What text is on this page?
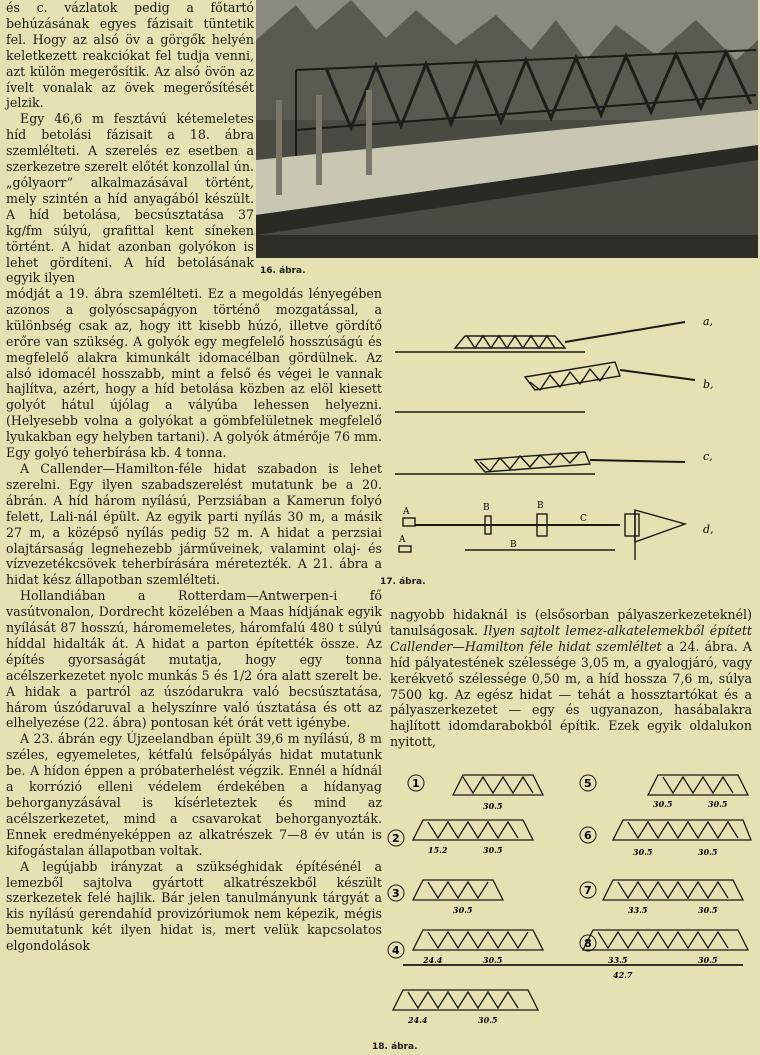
és c. vázlatok pedig a főtartó behúzásának egyes fázisait tüntetik fel. Hogy az alsó öv a görgők helyén keletkezett reakciókat fel tudja venni, azt külön megerősítik. Az alsó övön az ívelt vonalak az övek megerősítését jelzik.

Egy 46,6 m fesztávú kétemeletes híd betolási fázisait a 18. ábra szemlélteti. A szerelés ez esetben a szerkezetre szerelt előtét konzollal ún. „gólyaorr“ alkalmazásával történt, mely szintén a híd anyagából készült. A híd betolása, becsúsztatása 37 kg/fm súlyú, grafittal kent síneken történt. A hidat azonban golyókon is lehet gördíteni. A híd betolásának egyik ilyen	16. ábra.

módját a 19. ábra szemlélteti. Ez a megoldás lényegében azonos a golyóscsapágyon történő mozgatással, a különbség csak az, hogy itt kisebb húzó, illetve gördítő erőre van szükség. A golyók egy megfelelő hosszúságú és megfelelő alakra kimunkált idomacélban gördülnek. Az alsó idomacél hosszabb, mint a felső és végei le vannak hajlítva, azért, hogy a híd betolása közben az elöl kiesett golyót hátul újólag a vályúba lehessen helyezni. (Helyesebb volna a golyókat a gömbfelületnek megfelelő lyukakban egy helyben tartani). A golyók átmérője 76 mm. Egy golyó teherbírása kb. 4 tonna.

A Callender—Hamilton-féle hidat szabadon is lehet szerelni. Egy ilyen szabadszerelést mutatunk be a 20. ábrán. A híd három nyílású, Perzsiában a Kamerun folyó felett, Lali-nál épült. Az egyik parti nyílás 30 m, a másik 27 m, a középső nyílás pedig 52 m. A hidat a perzsiai olajtársaság legnehezebb járműveinek, valamint olaj- és vízvezetékcsövek teherbírására méretezték. A 21. ábra a hidat kész állapotban szemlélteti.

Hollandiában a Rotterdam—Antwerpen-i fő vasútvonalon, Dordrecht közelében a Maas hídjának egyik nyílását 87 hosszú, háromemeletes, háromfalú 480 t súlyú híddal hidalták át. A hidat a parton építették össze. Az építés gyorsaságát mutatja, hogy egy tonna acélszerkezetet nyolc munkás 5 és 1/2 óra alatt szerelt be. A hidak a partról az úszódarukra való becsúsztatása, három úszódaruval a helyszínre való úsztatása és ott az elhelyezése (22. ábra) pontosan két órát vett igénybe.

A 23. ábrán egy Újzeelandban épült 39,6 m nyílású, 8 m széles, egyemeletes, kétfalú felsőpályás hidat mutatunk be. A hídon éppen a próbaterhelést végzik. Ennél a hídnál a korrózió elleni védelem érdekében a hídanyag behorganyzásával is kísérleteztek és mind az acélszerkezetet, mind a csavarokat beh͏organyozták. Ennek eredményeképpen az alkatrészek 7—8 év után is kifogástalan állapotban voltak.

A legújabb irányzat a szükséghidak építésénél a lemezből sajtolva gyártott alkatrészekből készült szerkezetek felé hajlik. Bár jelen tanulmányunk tárgyát a kis nyílású gerendahíd provizóriumok nem képezik, mégis bemutatunk két ilyen hidat is, mert velük kapcsolatos elgondolások

a,
b,
c,
d,
A
A
B	B
B
C
17. ábra.

nagyobb hidaknál is (elsősorban pályaszerkezeteknél) tanulságosak. Ilyen sajtolt lemez-alkatelemekből épített Callender—Hamilton féle hidat szemléltet a 24. ábra. A híd pályatestének szélessége 3,05 m, a gyalogjáró, vagy kerékvető szélessége 0,50 m, a híd hossza 7,6 m, súlya 7500 kg. Az egész hidat — tehát a hossztartókat és a pályaszerkezetet — egy és ugyanazon, hasábalakra hajlított idomdarabokból építik. Ezek egyik oldalukon nyitott,

1
2
3
4
5
6
7
8
30.5
15.2	30.5
30.5
24.4	30.5
24.4	30.5
30.5	30.5
30.5	30.5
33.5	30.5
33.5	30.5
42.7
18. ábra.
